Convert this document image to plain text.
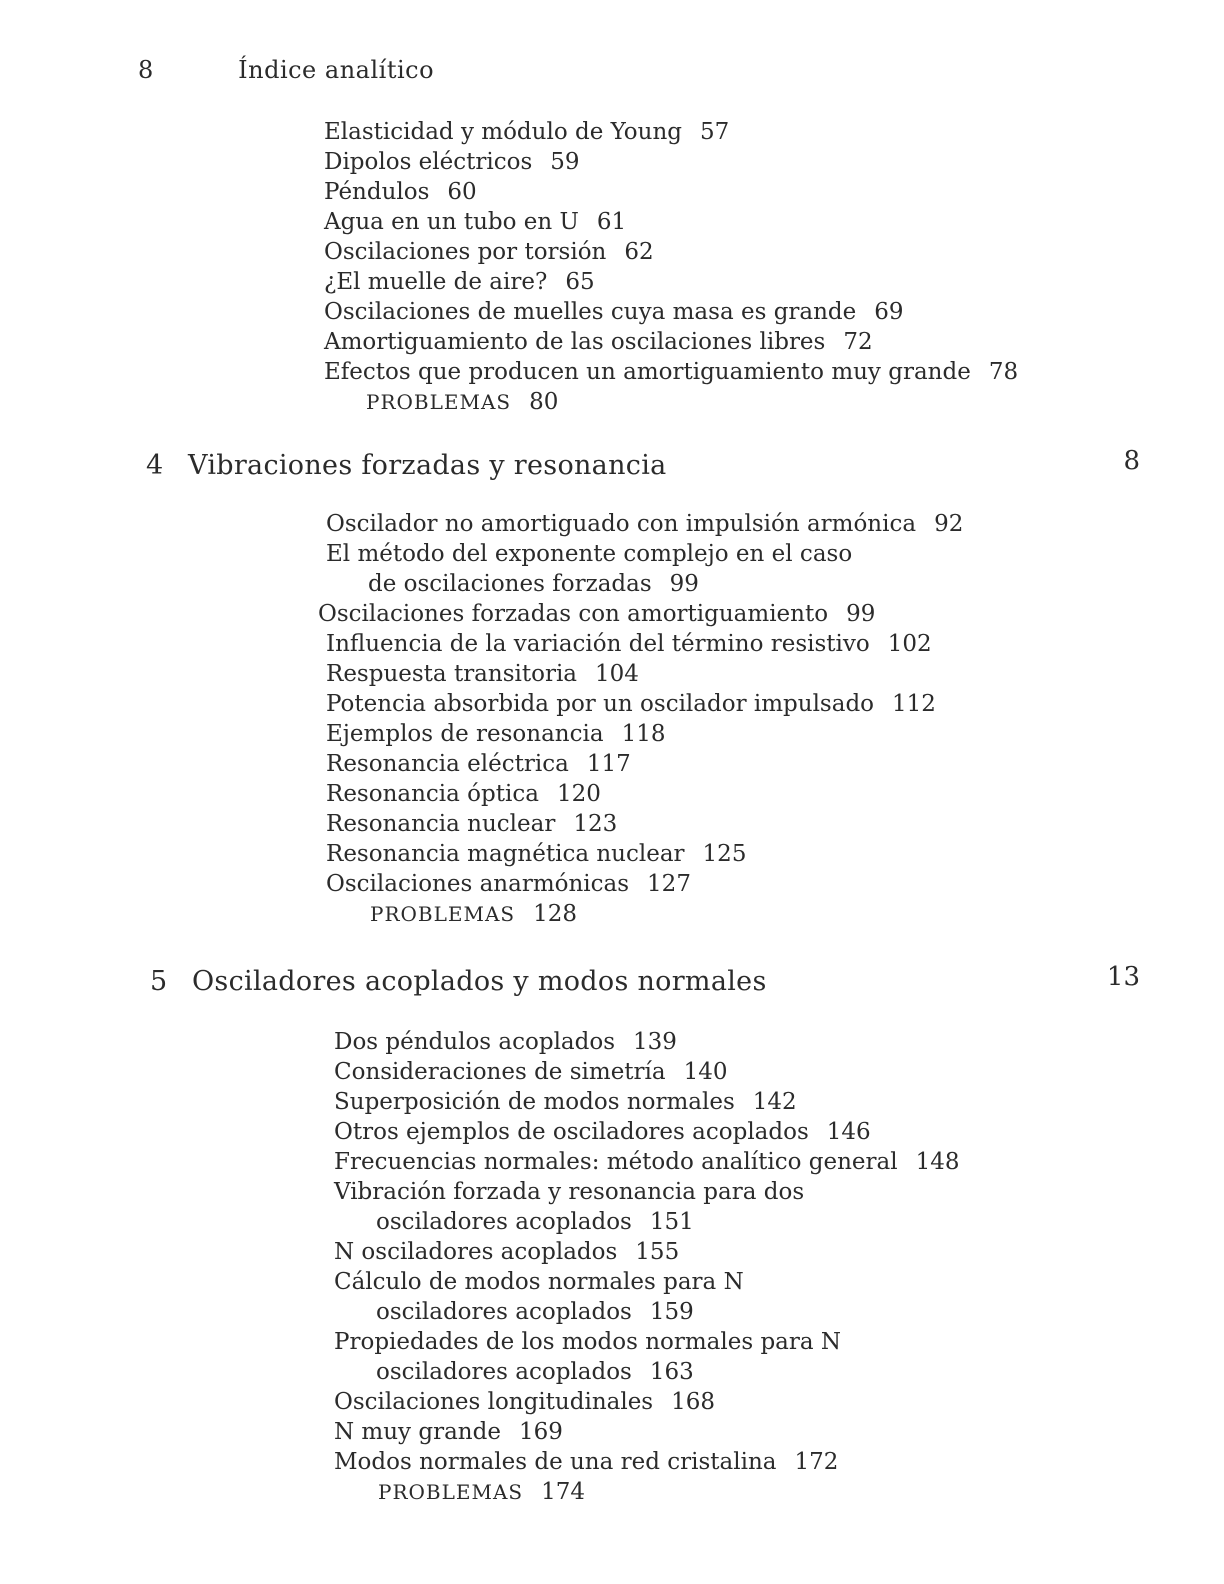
8	Índice analítico
Elasticidad y módulo de Young 57
Dipolos eléctricos 59
Péndulos 60
Agua en un tubo en U 61
Oscilaciones por torsión 62
¿El muelle de aire? 65
Oscilaciones de muelles cuya masa es grande 69
Amortiguamiento de las oscilaciones libres 72
Efectos que producen un amortiguamiento muy grande 78
PROBLEMAS 80
4 Vibraciones forzadas y resonancia	8
Oscilador no amortiguado con impulsión armónica 92
El método del exponente complejo en el caso
de oscilaciones forzadas 99
Oscilaciones forzadas con amortiguamiento 99
Influencia de la variación del término resistivo 102
Respuesta transitoria 104
Potencia absorbida por un oscilador impulsado 112
Ejemplos de resonancia 118
Resonancia eléctrica 117
Resonancia óptica 120
Resonancia nuclear 123
Resonancia magnética nuclear 125
Oscilaciones anarmónicas 127
PROBLEMAS 128
5 Osciladores acoplados y modos normales	13
Dos péndulos acoplados 139
Consideraciones de simetría 140
Superposición de modos normales 142
Otros ejemplos de osciladores acoplados 146
Frecuencias normales: método analítico general 148
Vibración forzada y resonancia para dos
osciladores acoplados 151
N osciladores acoplados 155
Cálculo de modos normales para N
osciladores acoplados 159
Propiedades de los modos normales para N
osciladores acoplados 163
Oscilaciones longitudinales 168
N muy grande 169
Modos normales de una red cristalina 172
PROBLEMAS 174
